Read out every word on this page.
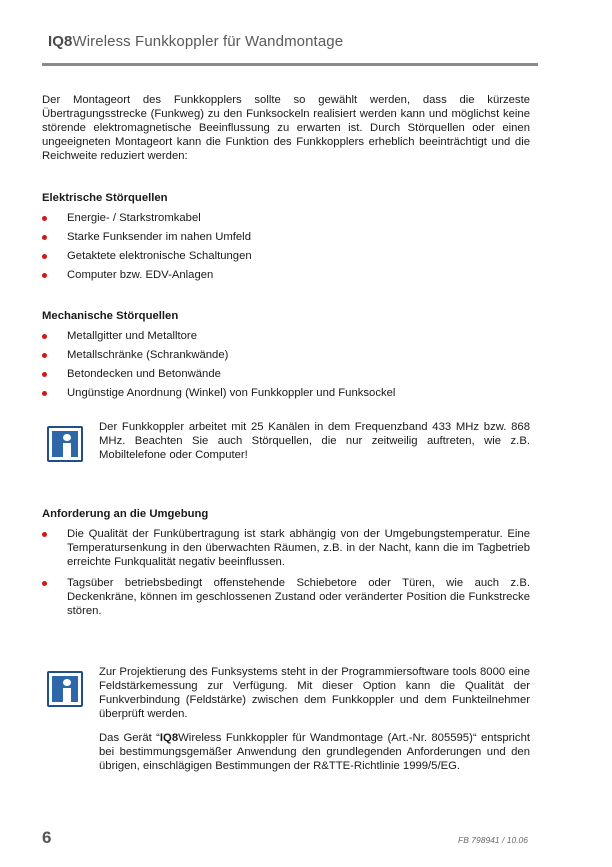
IQ8Wireless Funkkoppler für Wandmontage

Der Montageort des Funkkopplers sollte so gewählt werden, dass die kürzeste Übertragungsstrecke (Funkweg) zu den Funksockeln realisiert werden kann und möglichst keine störende elektromagnetische Beeinflussung zu erwarten ist. Durch Störquellen oder einen ungeeigneten Montageort kann die Funktion des Funkkopplers erheblich beeinträchtigt und die Reichweite reduziert werden:

Elektrische Störquellen

Energie- / Starkstromkabel
Starke Funksender im nahen Umfeld
Getaktete elektronische Schaltungen
Computer bzw. EDV-Anlagen

Mechanische Störquellen

Metallgitter und Metalltore
Metallschränke (Schrankwände)
Betondecken und Betonwände
Ungünstige Anordnung (Winkel) von Funkkoppler und Funksockel

Der Funkkoppler arbeitet mit 25 Kanälen in dem Frequenzband 433 MHz bzw. 868 MHz. Beachten Sie auch Störquellen, die nur zeitweilig auftreten, wie z.B. Mobiltelefone oder Computer!

Anforderung an die Umgebung

Die Qualität der Funkübertragung ist stark abhängig von der Umgebungstemperatur. Eine Temperatursenkung in den überwachten Räumen, z.B. in der Nacht, kann die im Tagbetrieb erreichte Funkqualität negativ beeinflussen.
Tagsüber betriebsbedingt offenstehende Schiebetore oder Türen, wie auch z.B. Deckenkräne, können im geschlossenen Zustand oder veränderter Position die Funkstrecke stören.

Zur Projektierung des Funksystems steht in der Programmiersoftware tools 8000 eine Feldstärkemessung zur Verfügung. Mit dieser Option kann die Qualität der Funkverbindung (Feldstärke) zwischen dem Funkkoppler und dem Funkteilnehmer überprüft werden.

Das Gerät “IQ8Wireless Funkkoppler für Wandmontage (Art.-Nr. 805595)“ entspricht bei bestimmungsgemäßer Anwendung den grundlegenden Anforderungen und den übrigen, einschlägigen Bestimmungen der R&TTE-Richtlinie 1999/5/EG.

6	FB 798941 / 10.06
